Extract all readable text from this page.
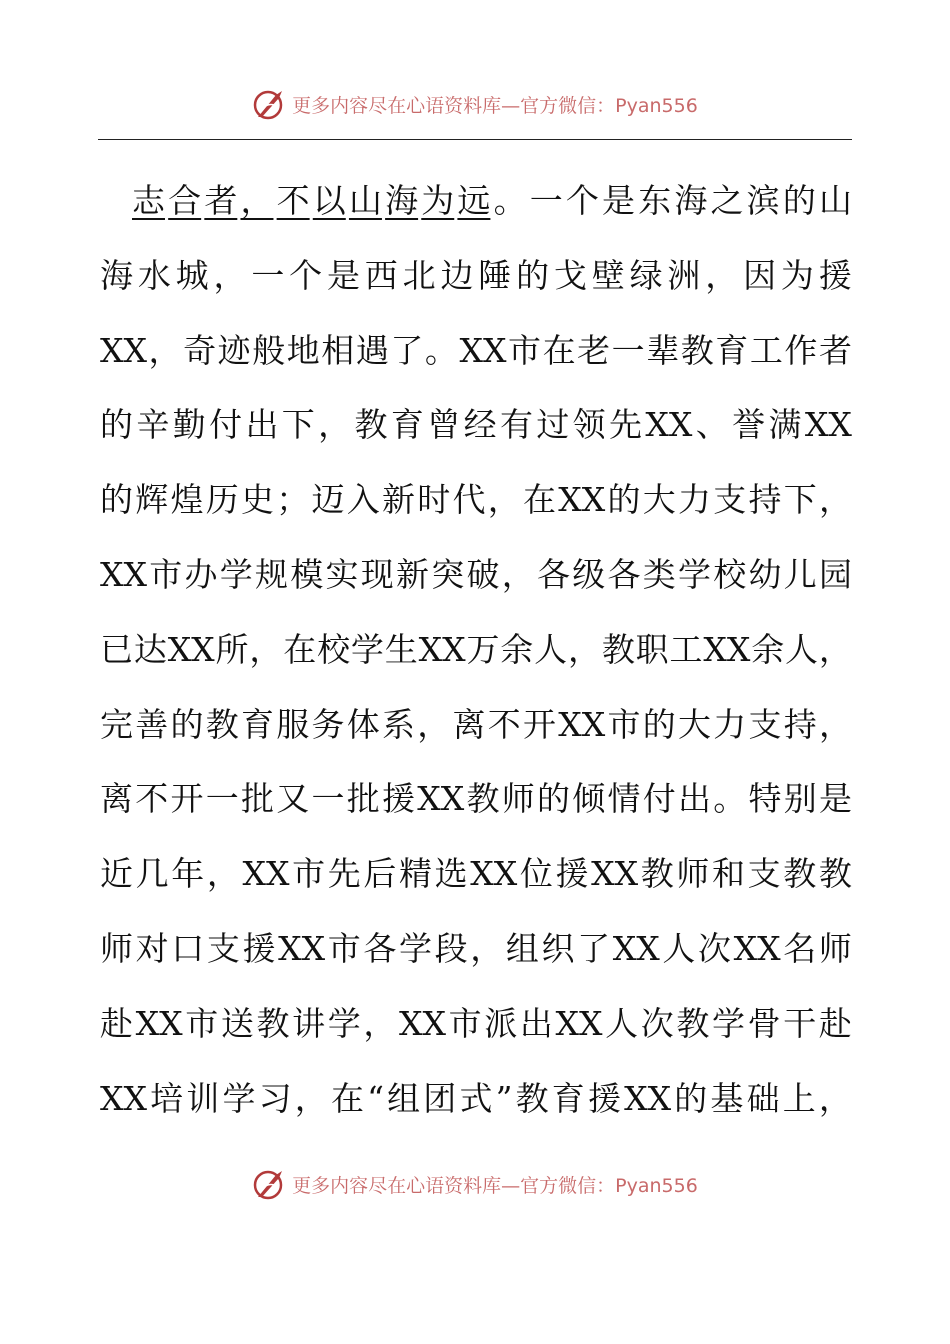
更多内容尽在心语资料库—官方微信：Pyan556
志 合 者 ， 不 以 山 海 为 远 。 一 个 是 东 海 之 滨 的 山
海 水 城 ， 一 个 是 西 北 边 陲 的 戈 壁 绿 洲 ， 因 为 援
XX ， 奇 迹 般 地 相 遇 了 。 XX 市 在 老 一 辈 教 育 工 作 者
的 辛 勤 付 出 下 ， 教 育 曾 经 有 过 领 先 XX 、 誉 满 XX
的 辉 煌 历 史 ； 迈 入 新 时 代 ， 在 XX 的 大 力 支 持 下 ，
XX 市 办 学 规 模 实 现 新 突 破 ， 各 级 各 类 学 校 幼 儿 园
已 达 XX 所 ， 在 校 学 生 XX 万 余 人 ， 教 职 工 XX 余 人 ，
完 善 的 教 育 服 务 体 系 ， 离 不 开 XX 市 的 大 力 支 持 ，
离 不 开 一 批 又 一 批 援 XX 教 师 的 倾 情 付 出 。 特 别 是
近 几 年 ， XX 市 先 后 精 选 XX 位 援 XX 教 师 和 支 教 教
师 对 口 支 援 XX 市 各 学 段 ， 组 织 了 XX 人 次 XX 名 师
赴 XX 市 送 教 讲 学 ， XX 市 派 出 XX 人 次 教 学 骨 干 赴
XX 培 训 学 习 ， 在 “ 组 团 式 ” 教 育 援 XX 的 基 础 上 ，
更多内容尽在心语资料库—官方微信：Pyan556
